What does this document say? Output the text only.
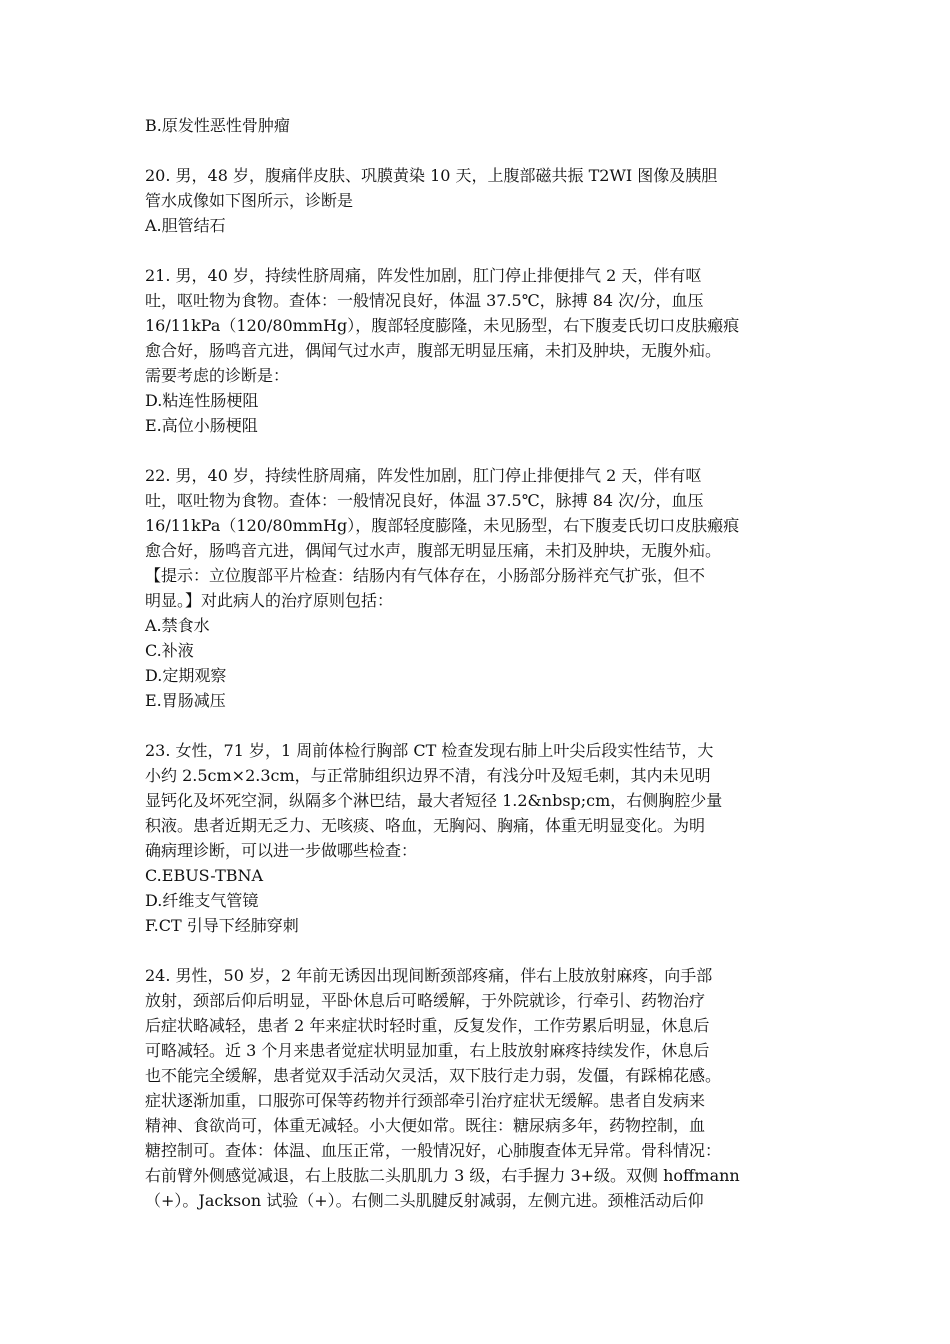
B.原发性恶性骨肿瘤
20. 男，48 岁，腹痛伴皮肤、巩膜黄染 10 天，上腹部磁共振 T2WI 图像及胰胆
管水成像如下图所示，诊断是
A.胆管结石
21. 男，40 岁，持续性脐周痛，阵发性加剧，肛门停止排便排气 2 天，伴有呕
吐，呕吐物为食物。查体：一般情况良好，体温 37.5℃，脉搏 84 次/分，血压
16/11kPa（120/80mmHg），腹部轻度膨隆，未见肠型，右下腹麦氏切口皮肤瘢痕
愈合好，肠鸣音亢进，偶闻气过水声，腹部无明显压痛，未扪及肿块，无腹外疝。
需要考虑的诊断是：
D.粘连性肠梗阻
E.高位小肠梗阻
22. 男，40 岁，持续性脐周痛，阵发性加剧，肛门停止排便排气 2 天，伴有呕
吐，呕吐物为食物。查体：一般情况良好，体温 37.5℃，脉搏 84 次/分，血压
16/11kPa（120/80mmHg），腹部轻度膨隆，未见肠型，右下腹麦氏切口皮肤瘢痕
愈合好，肠鸣音亢进，偶闻气过水声，腹部无明显压痛，未扪及肿块，无腹外疝。
【提示：立位腹部平片检查：结肠内有气体存在，小肠部分肠袢充气扩张，但不
明显。】对此病人的治疗原则包括：
A.禁食水
C.补液
D.定期观察
E.胃肠减压
23. 女性，71 岁，1 周前体检行胸部 CT 检查发现右肺上叶尖后段实性结节，大
小约 2.5cm×2.3cm，与正常肺组织边界不清，有浅分叶及短毛刺，其内未见明
显钙化及坏死空洞，纵隔多个淋巴结，最大者短径 1.2&nbsp;cm，右侧胸腔少量
积液。患者近期无乏力、无咳痰、咯血，无胸闷、胸痛，体重无明显变化。为明
确病理诊断，可以进一步做哪些检查：
C.EBUS-TBNA
D.纤维支气管镜
F.CT 引导下经肺穿刺
24. 男性，50 岁，2 年前无诱因出现间断颈部疼痛，伴右上肢放射麻疼，向手部
放射，颈部后仰后明显，平卧休息后可略缓解，于外院就诊，行牵引、药物治疗
后症状略减轻，患者 2 年来症状时轻时重，反复发作，工作劳累后明显，休息后
可略减轻。近 3 个月来患者觉症状明显加重，右上肢放射麻疼持续发作，休息后
也不能完全缓解，患者觉双手活动欠灵活，双下肢行走力弱，发僵，有踩棉花感。
症状逐渐加重，口服弥可保等药物并行颈部牵引治疗症状无缓解。患者自发病来
精神、食欲尚可，体重无减轻。小大便如常。既往：糖尿病多年，药物控制，血
糖控制可。查体：体温、血压正常，一般情况好，心肺腹查体无异常。骨科情况：
右前臂外侧感觉减退，右上肢肱二头肌肌力 3 级，右手握力 3+级。双侧 hoffmann
（+）。Jackson 试验（+）。右侧二头肌腱反射减弱，左侧亢进。颈椎活动后仰
